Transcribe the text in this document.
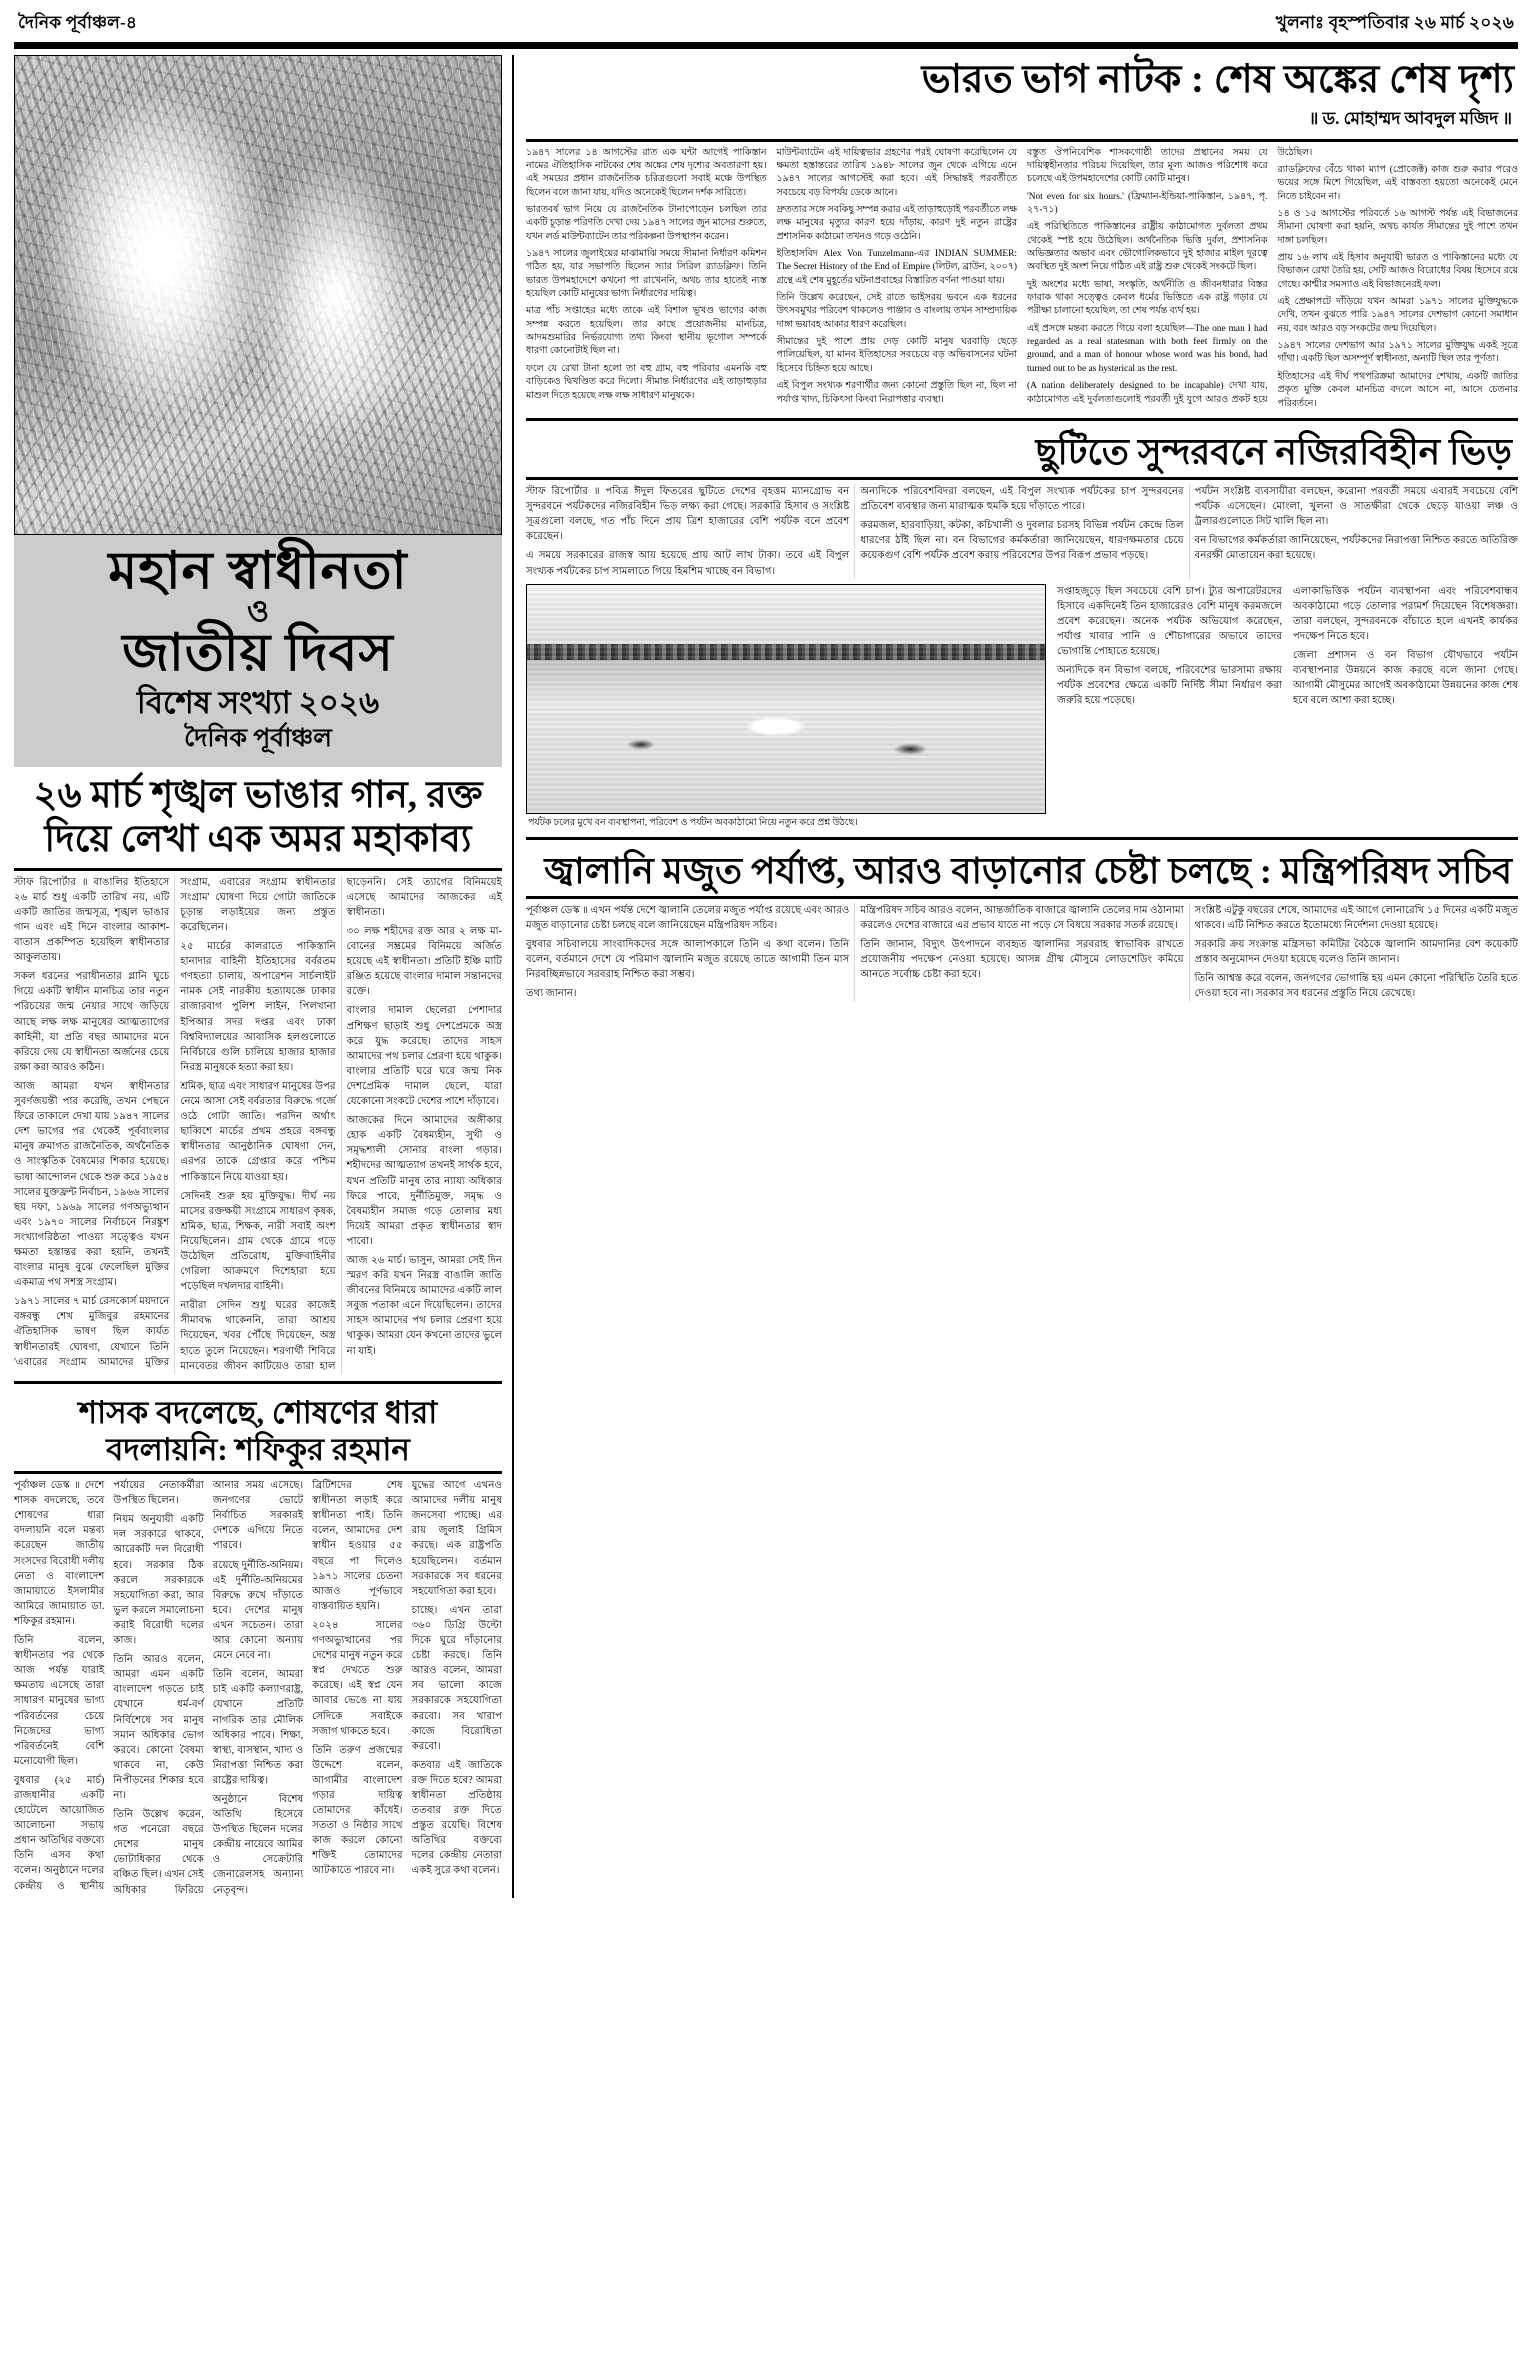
দৈনিক পূর্বাঞ্চল-৪	খুলনাঃ বৃহস্পতিবার ২৬ মার্চ ২০২৬
মহান স্বাধীনতা
ও
জাতীয় দিবস
বিশেষ সংখ্যা ২০২৬
দৈনিক পূর্বাঞ্চল
২৬ মার্চ শৃঙ্খল ভাঙার গান, রক্ত দিয়ে লেখা এক অমর মহাকাব্য

স্টাফ রিপোর্টার ॥ বাঙালির ইতিহাসে ২৬ মার্চ শুধু একটি তারিখ নয়, এটি একটি জাতির জন্মসূত্র, শৃঙ্খল ভাঙার গান এবং এই দিনে বাংলার আকাশ-বাতাস প্রকম্পিত হয়েছিল স্বাধীনতার আকুলতায়।

সকল ধরনের পরাধীনতার গ্লানি ঘুচে গিয়ে একটি স্বাধীন মানচিত্র তার নতুন পরিচয়ের জন্ম নেয়ার সাথে জড়িয়ে আছে লক্ষ লক্ষ মানুষের আত্মত্যাগের কাহিনী, যা প্রতি বছর আমাদের মনে করিয়ে দেয় যে স্বাধীনতা অর্জনের চেয়ে রক্ষা করা আরও কঠিন।

আজ আমরা যখন স্বাধীনতার সুবর্ণজয়ন্তী পার করেছি, তখন পেছনে ফিরে তাকালে দেখা যায় ১৯৪৭ সালের দেশ ভাগের পর থেকেই পূর্ববাংলার মানুষ ক্রমাগত রাজনৈতিক, অর্থনৈতিক ও সাংস্কৃতিক বৈষম্যের শিকার হয়েছে। ভাষা আন্দোলন থেকে শুরু করে ১৯৫৪ সালের যুক্তফ্রন্ট নির্বাচন, ১৯৬৬ সালের ছয় দফা, ১৯৬৯ সালের গণঅভ্যুত্থান এবং ১৯৭০ সালের নির্বাচনে নিরঙ্কুশ সংখ্যাগরিষ্ঠতা পাওয়া সত্ত্বেও যখন ক্ষমতা হস্তান্তর করা হয়নি, তখনই বাংলার মানুষ বুঝে ফেলেছিল মুক্তির একমাত্র পথ সশস্ত্র সংগ্রাম।

১৯৭১ সালের ৭ মার্চ রেসকোর্স ময়দানে বঙ্গবন্ধু শেখ মুজিবুর রহমানের ঐতিহাসিক ভাষণ ছিল কার্যত স্বাধীনতারই ঘোষণা, যেখানে তিনি 'এবারের সংগ্রাম আমাদের মুক্তির সংগ্রাম, এবারের সংগ্রাম স্বাধীনতার সংগ্রাম' ঘোষণা দিয়ে গোটা জাতিকে চূড়ান্ত লড়াইয়ের জন্য প্রস্তুত করেছিলেন।

২৫ মার্চের কালরাতে পাকিস্তানি হানাদার বাহিনী ইতিহাসের বর্বরতম গণহত্যা চালায়, অপারেশন সার্চলাইট নামক সেই নারকীয় হত্যাযজ্ঞে ঢাকার রাজারবাগ পুলিশ লাইন, পিলখানা ইপিআর সদর দপ্তর এবং ঢাকা বিশ্ববিদ্যালয়ের আবাসিক হলগুলোতে নির্বিচারে গুলি চালিয়ে হাজার হাজার নিরস্ত্র মানুষকে হত্যা করা হয়।

শ্রমিক, ছাত্র এবং সাধারণ মানুষের উপর নেমে আসা সেই বর্বরতার বিরুদ্ধে গর্জে ওঠে গোটা জাতি। পরদিন অর্থাৎ ছাব্বিশে মার্চের প্রথম প্রহরে বঙ্গবন্ধু স্বাধীনতার আনুষ্ঠানিক ঘোষণা দেন, এরপর তাকে গ্রেপ্তার করে পশ্চিম পাকিস্তানে নিয়ে যাওয়া হয়।

সেদিনই শুরু হয় মুক্তিযুদ্ধ। দীর্ঘ নয় মাসের রক্তক্ষয়ী সংগ্রামে সাধারণ কৃষক, শ্রমিক, ছাত্র, শিক্ষক, নারী সবাই অংশ নিয়েছিলেন। গ্রাম থেকে গ্রামে গড়ে উঠেছিল প্রতিরোধ, মুক্তিবাহিনীর গেরিলা আক্রমণে দিশেহারা হয়ে পড়েছিল দখলদার বাহিনী।

নারীরা সেদিন শুধু ঘরের কাজেই সীমাবদ্ধ থাকেননি, তারা আশ্রয় দিয়েছেন, খবর পৌঁছে দিয়েছেন, অস্ত্র হাতে তুলে নিয়েছেন। শরণার্থী শিবিরে মানবেতর জীবন কাটিয়েও তারা হাল ছাড়েননি। সেই ত্যাগের বিনিময়েই এসেছে আমাদের আজকের এই স্বাধীনতা।

৩০ লক্ষ শহীদের রক্ত আর ২ লক্ষ মা-বোনের সম্ভ্রমের বিনিময়ে অর্জিত হয়েছে এই স্বাধীনতা। প্রতিটি ইঞ্চি মাটি রঞ্জিত হয়েছে বাংলার দামাল সন্তানদের রক্তে।

বাংলার দামাল ছেলেরা পেশাদার প্রশিক্ষণ ছাড়াই শুধু দেশপ্রেমকে অস্ত্র করে যুদ্ধ করেছে। তাদের সাহস আমাদের পথ চলার প্রেরণা হয়ে থাকুক। বাংলার প্রতিটি ঘরে ঘরে জন্ম নিক দেশপ্রেমিক দামাল ছেলে, যারা যেকোনো সংকটে দেশের পাশে দাঁড়াবে।

আজকের দিনে আমাদের অঙ্গীকার হোক একটি বৈষম্যহীন, সুখী ও সমৃদ্ধশালী সোনার বাংলা গড়ার। শহীদদের আত্মত্যাগ তখনই সার্থক হবে, যখন প্রতিটি মানুষ তার ন্যায্য অধিকার ফিরে পাবে, দুর্নীতিমুক্ত, সমৃদ্ধ ও বৈষম্যহীন সমাজ গড়ে তোলার মধ্য দিয়েই আমরা প্রকৃত স্বাধীনতার স্বাদ পাবো।

আজ ২৬ মার্চ। ভাসুন, আমরা সেই দিন স্মরণ করি যখন নিরস্ত্র বাঙালি জাতি জীবনের বিনিময়ে আমাদের একটি লাল সবুজ পতাকা এনে দিয়েছিলেন। তাদের সাহস আমাদের পথ চলার প্রেরণা হয়ে থাকুক। আমরা যেন কখনো তাদের ভুলে না যাই।

শাসক বদলেছে, শোষণের ধারা বদলায়নি: শফিকুর রহমান

পূর্বাঞ্চল ডেস্ক ॥ দেশে শাসক বদলেছে, তবে শোষণের ধারা বদলায়নি বলে মন্তব্য করেছেন জাতীয় সংসদের বিরোধী দলীয় নেতা ও বাংলাদেশ জামায়াতে ইসলামীর আমিরে জামায়াত ডা. শফিকুর রহমান।

তিনি বলেন, স্বাধীনতার পর থেকে আজ পর্যন্ত যারাই ক্ষমতায় এসেছে তারা সাধারণ মানুষের ভাগ্য পরিবর্তনের চেয়ে নিজেদের ভাগ্য পরিবর্তনেই বেশি মনোযোগী ছিল।

বুধবার (২৫ মার্চ) রাজধানীর একটি হোটেলে আয়োজিত আলোচনা সভায় প্রধান অতিথির বক্তব্যে তিনি এসব কথা বলেন। অনুষ্ঠানে দলের কেন্দ্রীয় ও স্থানীয় পর্যায়ের নেতাকর্মীরা উপস্থিত ছিলেন।

নিয়ম অনুযায়ী একটি দল সরকারে থাকবে, আরেকটি দল বিরোধী হবে। সরকার ঠিক করলে সরকারকে সহযোগিতা করা, আর ভুল করলে সমালোচনা করাই বিরোধী দলের কাজ।

তিনি আরও বলেন, আমরা এমন একটি বাংলাদেশ গড়তে চাই যেখানে ধর্ম-বর্ণ নির্বিশেষে সব মানুষ সমান অধিকার ভোগ করবে। কোনো বৈষম্য থাকবে না, কেউ নিপীড়নের শিকার হবে না।

তিনি উল্লেখ করেন, গত পনেরো বছরে দেশের মানুষ ভোটাধিকার থেকে বঞ্চিত ছিল। এখন সেই অধিকার ফিরিয়ে আনার সময় এসেছে। জনগণের ভোটে নির্বাচিত সরকারই দেশকে এগিয়ে নিতে পারবে।

রয়েছে দুর্নীতি-অনিয়ম। এই দুর্নীতি-অনিয়মের বিরুদ্ধে রুখে দাঁড়াতে হবে। দেশের মানুষ এখন সচেতন। তারা আর কোনো অন্যায় মেনে নেবে না।

তিনি বলেন, আমরা চাই একটি কল্যাণরাষ্ট্র, যেখানে প্রতিটি নাগরিক তার মৌলিক অধিকার পাবে। শিক্ষা, স্বাস্থ্য, বাসস্থান, খাদ্য ও নিরাপত্তা নিশ্চিত করা রাষ্ট্রের দায়িত্ব।

অনুষ্ঠানে বিশেষ অতিথি হিসেবে উপস্থিত ছিলেন দলের কেন্দ্রীয় নায়েবে আমির ও সেক্রেটারি জেনারেলসহ অন্যান্য নেতৃবৃন্দ।

ব্রিটিশদের শেষ স্বাধীনতা লড়াই করে স্বাধীনতা পাই। তিনি বলেন, আমাদের দেশ স্বাধীন হওয়ার ৫৫ বছরে পা দিলেও ১৯৭১ সালের চেতনা আজও পূর্ণভাবে বাস্তবায়িত হয়নি।

২০২৪ সালের গণঅভ্যুত্থানের পর দেশের মানুষ নতুন করে স্বপ্ন দেখতে শুরু করেছে। এই স্বপ্ন যেন আবার ভেঙে না যায় সেদিকে সবাইকে সজাগ থাকতে হবে।

তিনি তরুণ প্রজন্মের উদ্দেশে বলেন, আগামীর বাংলাদেশ গড়ার দায়িত্ব তোমাদের কাঁধেই। সততা ও নিষ্ঠার সাথে কাজ করলে কোনো শক্তিই তোমাদের আটকাতে পারবে না।

যুদ্ধের আগে এখনও আমাদের দলীয় মানুষ জনসেবা পাচ্ছে। এর রায় জুলাই গ্রিমিস করছে। এক রাষ্ট্রপতি হয়েছিলেন। বর্তমান সরকারকে সব ধরনের সহযোগিতা করা হবে।

চাচ্ছে। এখন তারা ৩৬০ ডিগ্রি উল্টো দিকে ঘুরে দাঁড়ানোর চেষ্টা করছে। তিনি আরও বলেন, আমরা সব ভালো কাজে সরকারকে সহযোগিতা করবো। সব খারাপ কাজে বিরোধিতা করবো।

কতবার এই জাতিকে রক্ত দিতে হবে? আমরা স্বাধীনতা প্রতিষ্ঠায় ততবার রক্ত দিতে প্রস্তুত রয়েছি। বিশেষ অতিথির বক্তব্যে দলের কেন্দ্রীয় নেতারা একই সুরে কথা বলেন।

ভারত ভাগ নাটক : শেষ অঙ্কের শেষ দৃশ্য
॥ ড. মোহাম্মদ আবদুল মজিদ ॥

১৯৪৭ সালের ১৪ আগস্টের রাত এক ঘন্টা আগেই পাকিস্তান নামের ঐতিহাসিক নাটকের শেষ অঙ্কের শেষ দৃশ্যের অবতারণা হয়। এই সময়ের প্রধান রাজনৈতিক চরিত্রগুলো সবাই মঞ্চে উপস্থিত ছিলেন বলে জানা যায়, যদিও অনেকেই ছিলেন দর্শক সারিতে।

ভারতবর্ষ ভাগ নিয়ে যে রাজনৈতিক টানাপোড়েন চলছিল তার একটি চূড়ান্ত পরিণতি দেখা দেয় ১৯৪৭ সালের জুন মাসের শুরুতে, যখন লর্ড মাউন্টব্যাটেন তার পরিকল্পনা উপস্থাপন করেন।

১৯৪৭ সালের জুলাইয়ের মাঝামাঝি সময়ে সীমানা নির্ধারণ কমিশন গঠিত হয়, যার সভাপতি ছিলেন স্যার সিরিল র‍্যাডক্লিফ। তিনি ভারত উপমহাদেশে কখনো পা রাখেননি, অথচ তার হাতেই ন্যস্ত হয়েছিল কোটি মানুষের ভাগ্য নির্ধারণের দায়িত্ব।

মাত্র পাঁচ সপ্তাহের মধ্যে তাকে এই বিশাল ভূখণ্ড ভাগের কাজ সম্পন্ন করতে হয়েছিল। তার কাছে প্রয়োজনীয় মানচিত্র, আদমশুমারির নির্ভরযোগ্য তথ্য কিংবা স্থানীয় ভূগোল সম্পর্কে ধারণা কোনোটাই ছিল না।

ফলে যে রেখা টানা হলো তা বহু গ্রাম, বহু পরিবার এমনকি বহু বাড়িকেও দ্বিখণ্ডিত করে দিলো। সীমান্ত নির্ধারণের এই তাড়াহুড়ার মাশুল দিতে হয়েছে লক্ষ লক্ষ সাধারণ মানুষকে।

মাউন্টব্যাটেন এই দায়িত্বভার গ্রহণের পরই ঘোষণা করেছিলেন যে ক্ষমতা হস্তান্তরের তারিখ ১৯৪৮ সালের জুন থেকে এগিয়ে এনে ১৯৪৭ সালের আগস্টেই করা হবে। এই সিদ্ধান্তই পরবর্তীতে সবচেয়ে বড় বিপর্যয় ডেকে আনে।

দ্রুততার সঙ্গে সবকিছু সম্পন্ন করার এই তাড়াহুড়োই পরবর্তীতে লক্ষ লক্ষ মানুষের মৃত্যুর কারণ হয়ে দাঁড়ায়, কারণ দুই নতুন রাষ্ট্রের প্রশাসনিক কাঠামো তখনও গড়ে ওঠেনি।

ইতিহাসবিদ Alex Von Tunzelmann-এর INDIAN SUMMER: The Secret History of the End of Empire (লিটল, ব্রাউন, ২০০৭) গ্রন্থে এই শেষ মুহূর্তের ঘটনাপ্রবাহের বিস্তারিত বর্ণনা পাওয়া যায়।

তিনি উল্লেখ করেছেন, সেই রাতে ভাইসরয় ভবনে এক ধরনের উৎসবমুখর পরিবেশ থাকলেও পাঞ্জাব ও বাংলায় তখন সাম্প্রদায়িক দাঙ্গা ভয়াবহ আকার ধারণ করেছিল।

সীমান্তের দুই পাশে প্রায় দেড় কোটি মানুষ ঘরবাড়ি ছেড়ে পালিয়েছিল, যা মানব ইতিহাসের সবচেয়ে বড় অভিবাসনের ঘটনা হিসেবে চিহ্নিত হয়ে আছে।

এই বিপুল সংখ্যক শরণার্থীর জন্য কোনো প্রস্তুতি ছিল না, ছিল না পর্যাপ্ত খাদ্য, চিকিৎসা কিংবা নিরাপত্তার ব্যবস্থা।

বস্তুত ঔপনিবেশিক শাসকগোষ্ঠী তাদের প্রস্থানের সময় যে দায়িত্বহীনতার পরিচয় দিয়েছিল, তার মূল্য আজও পরিশোধ করে চলেছে এই উপমহাদেশের কোটি কোটি মানুষ।

'Not even for six hours.' (ফ্রিম্যান-ইন্ডিয়া-পাকিস্তান, ১৯৪৭, পৃ. ২৭-৭১)

এই পরিস্থিতিতে পাকিস্তানের রাষ্ট্রীয় কাঠামোগত দুর্বলতা প্রথম থেকেই স্পষ্ট হয়ে উঠেছিল। অর্থনৈতিক ভিত্তি দুর্বল, প্রশাসনিক অভিজ্ঞতার অভাব এবং ভৌগোলিকভাবে দুই হাজার মাইল দূরত্বে অবস্থিত দুই অংশ নিয়ে গঠিত এই রাষ্ট্র শুরু থেকেই সংকটে ছিল।

দুই অংশের মধ্যে ভাষা, সংস্কৃতি, অর্থনীতি ও জীবনধারার বিস্তর ফারাক থাকা সত্ত্বেও কেবল ধর্মের ভিত্তিতে এক রাষ্ট্র গড়ার যে পরীক্ষা চালানো হয়েছিল, তা শেষ পর্যন্ত ব্যর্থ হয়।

এই প্রসঙ্গে মন্তব্য করতে গিয়ে বলা হয়েছিল—The one man I had regarded as a real statesman with both feet firmly on the ground, and a man of honour whose word was his bond, had turned out to be as hysterical as the rest.

(A nation deliberately designed to be incapable) দেখা যায়, কাঠামোগত এই দুর্বলতাগুলোই পরবর্তী দুই যুগে আরও প্রকট হয়ে উঠেছিল।

র‍্যাডক্লিফের বেঁচে থাকা ম্যাপ (প্রোজেক্ট) কাজ শুরু করার পরেও ভয়ের সঙ্গে মিশে গিয়েছিল, এই বাস্তবতা হয়তো অনেকেই মেনে নিতে চাইবেন না।

১৪ ও ১৫ আগস্টের পরিবর্তে ১৬ আগস্ট পর্যন্ত এই বিভাজনের সীমানা ঘোষণা করা হয়নি, অথচ কার্যত সীমান্তের দুই পাশে তখন দাঙ্গা চলছিল।

প্রায় ১৬ লাখ এই হিসাব অনুযায়ী ভারত ও পাকিস্তানের মধ্যে যে বিভাজন রেখা তৈরি হয়, সেটি আজও বিরোধের বিষয় হিসেবে রয়ে গেছে। কাশ্মীর সমস্যাও এই বিভাজনেরই ফল।

এই প্রেক্ষাপটে দাঁড়িয়ে যখন আমরা ১৯৭১ সালের মুক্তিযুদ্ধকে দেখি, তখন বুঝতে পারি ১৯৪৭ সালের দেশভাগ কোনো সমাধান নয়, বরং আরও বড় সংকটের জন্ম দিয়েছিল।

১৯৪৭ সালের দেশভাগ আর ১৯৭১ সালের মুক্তিযুদ্ধ একই সূত্রে গাঁথা। একটি ছিল অসম্পূর্ণ স্বাধীনতা, অন্যটি ছিল তার পূর্ণতা।

ইতিহাসের এই দীর্ঘ পথপরিক্রমা আমাদের শেখায়, একটি জাতির প্রকৃত মুক্তি কেবল মানচিত্র বদলে আসে না, আসে চেতনার পরিবর্তনে।

ছুটিতে সুন্দরবনে নজিরবিহীন ভিড়

স্টাফ রিপোর্টার ॥ পবিত্র ঈদুল ফিতরের ছুটিতে দেশের বৃহত্তম ম্যানগ্রোভ বন সুন্দরবনে পর্যটকদের নজিরবিহীন ভিড় লক্ষ্য করা গেছে। সরকারি হিসাব ও সংশ্লিষ্ট সূত্রগুলো বলছে, গত পাঁচ দিনে প্রায় ত্রিশ হাজারের বেশি পর্যটক বনে প্রবেশ করেছেন।

এ সময়ে সরকারের রাজস্ব আয় হয়েছে প্রায় আট লাখ টাকা। তবে এই বিপুল সংখ্যক পর্যটকের চাপ সামলাতে গিয়ে হিমশিম খাচ্ছে বন বিভাগ।

অন্যদিকে পরিবেশবিদরা বলছেন, এই বিপুল সংখ্যক পর্যটকের চাপ সুন্দরবনের প্রতিবেশ ব্যবস্থার জন্য মারাত্মক হুমকি হয়ে দাঁড়াতে পারে।

করমজল, হারবাড়িয়া, কটকা, কচিখালী ও দুবলার চরসহ বিভিন্ন পর্যটন কেন্দ্রে তিল ধারণের ঠাঁই ছিল না। বন বিভাগের কর্মকর্তারা জানিয়েছেন, ধারণক্ষমতার চেয়ে কয়েকগুণ বেশি পর্যটক প্রবেশ করায় পরিবেশের উপর বিরূপ প্রভাব পড়ছে।

পর্যটন সংশ্লিষ্ট ব্যবসায়ীরা বলছেন, করোনা পরবর্তী সময়ে এবারই সবচেয়ে বেশি পর্যটক এসেছেন। মোংলা, খুলনা ও সাতক্ষীরা থেকে ছেড়ে যাওয়া লঞ্চ ও ট্রলারগুলোতে সিট খালি ছিল না।

বন বিভাগের কর্মকর্তারা জানিয়েছেন, পর্যটকদের নিরাপত্তা নিশ্চিত করতে অতিরিক্ত বনরক্ষী মোতায়েন করা হয়েছে।

পর্যটক ঢলের মুখে বন ব্যবস্থাপনা, পরিবেশ ও পর্যটন অবকাঠামো নিয়ে নতুন করে প্রশ্ন উঠছে।

সপ্তাহজুড়ে ছিল সবচেয়ে বেশি চাপ। ট্যুর অপারেটরদের হিসাবে একদিনেই তিন হাজারেরও বেশি মানুষ করমজলে প্রবেশ করেছেন। অনেক পর্যটক অভিযোগ করেছেন, পর্যাপ্ত খাবার পানি ও শৌচাগারের অভাবে তাদের ভোগান্তি পোহাতে হয়েছে।

অন্যদিকে বন বিভাগ বলছে, পরিবেশের ভারসাম্য রক্ষায় পর্যটক প্রবেশের ক্ষেত্রে একটি নির্দিষ্ট সীমা নির্ধারণ করা জরুরি হয়ে পড়েছে।

এলাকাভিত্তিক পর্যটন ব্যবস্থাপনা এবং পরিবেশবান্ধব অবকাঠামো গড়ে তোলার পরামর্শ দিয়েছেন বিশেষজ্ঞরা। তারা বলছেন, সুন্দরবনকে বাঁচাতে হলে এখনই কার্যকর পদক্ষেপ নিতে হবে।

জেলা প্রশাসন ও বন বিভাগ যৌথভাবে পর্যটন ব্যবস্থাপনার উন্নয়নে কাজ করছে বলে জানা গেছে। আগামী মৌসুমের আগেই অবকাঠামো উন্নয়নের কাজ শেষ হবে বলে আশা করা হচ্ছে।

জ্বালানি মজুত পর্যাপ্ত, আরও বাড়ানোর চেষ্টা চলছে : মন্ত্রিপরিষদ সচিব

পূর্বাঞ্চল ডেস্ক ॥ এখন পর্যন্ত দেশে জ্বালানি তেলের মজুত পর্যাপ্ত রয়েছে এবং আরও মজুত বাড়ানোর চেষ্টা চলছে বলে জানিয়েছেন মন্ত্রিপরিষদ সচিব।

বুধবার সচিবালয়ে সাংবাদিকদের সঙ্গে আলাপকালে তিনি এ কথা বলেন। তিনি বলেন, বর্তমানে দেশে যে পরিমাণ জ্বালানি মজুত রয়েছে তাতে আগামী তিন মাস নিরবচ্ছিন্নভাবে সরবরাহ নিশ্চিত করা সম্ভব।

তথ্য জানান।

মন্ত্রিপরিষদ সচিব আরও বলেন, আন্তর্জাতিক বাজারে জ্বালানি তেলের দাম ওঠানামা করলেও দেশের বাজারে এর প্রভাব যাতে না পড়ে সে বিষয়ে সরকার সতর্ক রয়েছে।

তিনি জানান, বিদ্যুৎ উৎপাদনে ব্যবহৃত জ্বালানির সরবরাহ স্বাভাবিক রাখতে প্রয়োজনীয় পদক্ষেপ নেওয়া হয়েছে। আসন্ন গ্রীষ্ম মৌসুমে লোডশেডিং কমিয়ে আনতে সর্বোচ্চ চেষ্টা করা হবে।

সংশ্লিষ্ট এটুকু বছরের শেষে, আমাদের এই আগে লোনারেখি ১৫ দিনের একটি মজুত থাকবে। এটি নিশ্চিত করতে ইতোমধ্যে নির্দেশনা দেওয়া হয়েছে।

সরকারি ক্রয় সংক্রান্ত মন্ত্রিসভা কমিটির বৈঠকে জ্বালানি আমদানির বেশ কয়েকটি প্রস্তাব অনুমোদন দেওয়া হয়েছে বলেও তিনি জানান।

তিনি আশ্বস্ত করে বলেন, জনগণের ভোগান্তি হয় এমন কোনো পরিস্থিতি তৈরি হতে দেওয়া হবে না। সরকার সব ধরনের প্রস্তুতি নিয়ে রেখেছে।
